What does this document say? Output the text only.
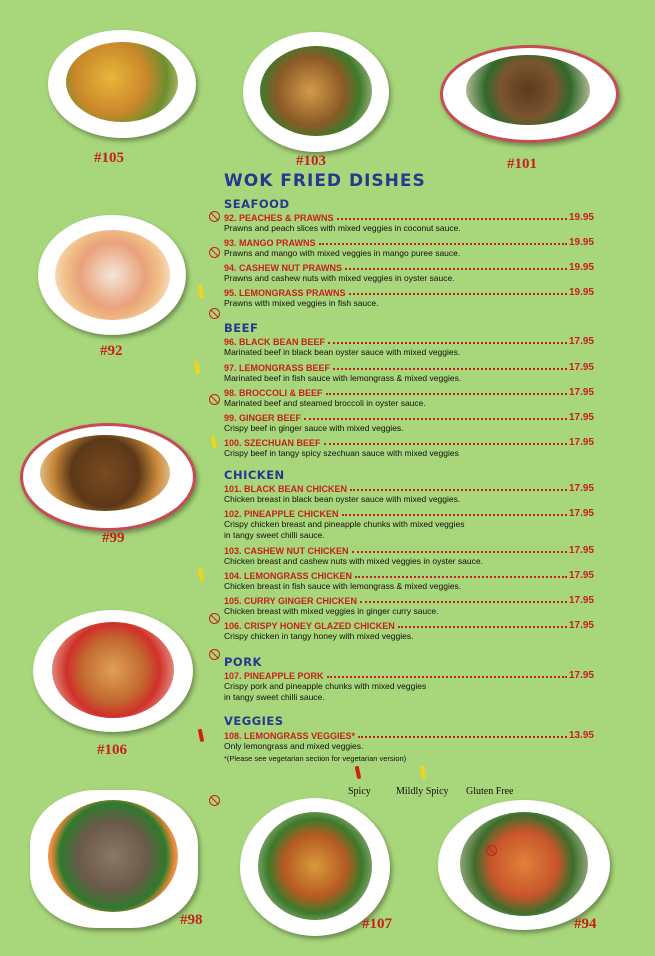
#105	#103	#101
#92
#99
#106
#98	#107	#94
WOK FRIED DISHES
SEAFOOD
BEEF
CHICKEN
PORK
VEGGIES
92. PEACHES & PRAWNS	19.95
Prawns and peach slices with mixed veggies in coconut sauce.
93. MANGO PRAWNS	19.95
Prawns and mango with mixed veggies in mango puree sauce.
94. CASHEW NUT PRAWNS	19.95
Prawns and cashew nuts with mixed veggies in oyster sauce.
95. LEMONGRASS PRAWNS	19.95
Prawns with mixed veggies in fish sauce.
96. BLACK BEAN BEEF	17.95
Marinated beef in black bean oyster sauce with mixed veggies.
97. LEMONGRASS BEEF	17.95
Marinated beef in fish sauce with lemongrass & mixed veggies.
98. BROCCOLI & BEEF	17.95
Marinated beef and steamed broccoli in oyster sauce.
99. GINGER BEEF	17.95
Crispy beef in ginger sauce with mixed veggies.
100. SZECHUAN BEEF	17.95
Crispy beef in tangy spicy szechuan sauce with mixed veggies
101. BLACK BEAN CHICKEN	17.95
Chicken breast in black bean oyster sauce with mixed veggies.
102. PINEAPPLE CHICKEN	17.95
Crispy chicken breast and pineapple chunks with mixed veggies
in tangy sweet chilli sauce.
103. CASHEW NUT CHICKEN	17.95
Chicken breast and cashew nuts with mixed veggies in oyster sauce.
104. LEMONGRASS CHICKEN	17.95
Chicken breast in fish sauce with lemongrass & mixed veggies.
105. CURRY GINGER CHICKEN	17.95
Chicken breast with mixed veggies in ginger curry sauce.
106. CRISPY HONEY GLAZED CHICKEN	17.95
Crispy chicken in tangy honey with mixed veggies.
107. PINEAPPLE PORK	17.95
Crispy pork and pineapple chunks with mixed veggies
in tangy sweet chilli sauce.
108. LEMONGRASS VEGGIES*	13.95
Only lemongrass and mixed veggies.
*(Please see vegetarian section for vegetarian version)
Spicy	Mildly Spicy Gluten Free
